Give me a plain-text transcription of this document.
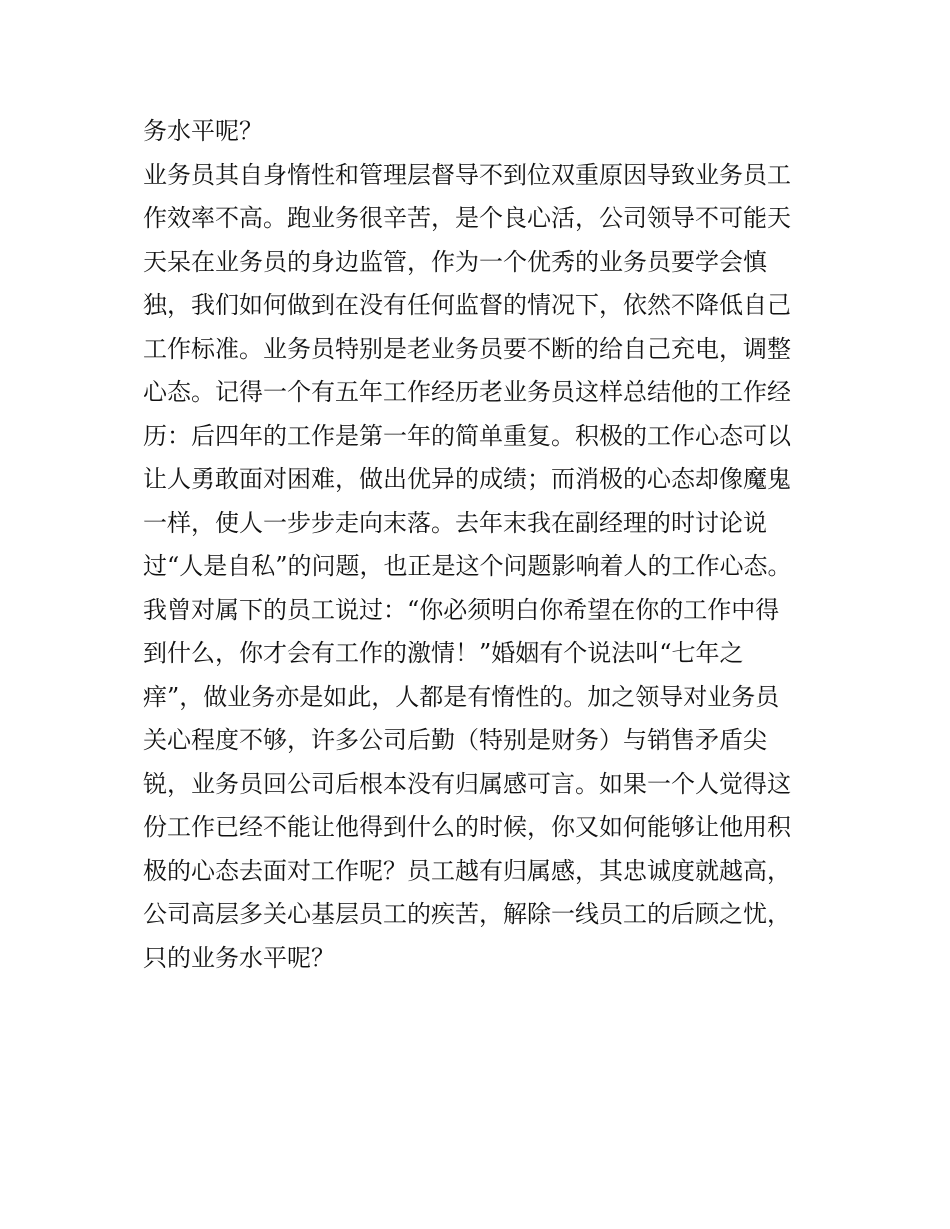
务水平呢？
业务员其自身惰性和管理层督导不到位双重原因导致业务员工
作效率不高。跑业务很辛苦，是个良心活，公司领导不可能天
天呆在业务员的身边监管，作为一个优秀的业务员要学会慎
独，我们如何做到在没有任何监督的情况下，依然不降低自己
工作标准。业务员特别是老业务员要不断的给自己充电，调整
心态。记得一个有五年工作经历老业务员这样总结他的工作经
历：后四年的工作是第一年的简单重复。积极的工作心态可以
让人勇敢面对困难，做出优异的成绩；而消极的心态却像魔鬼
一样，使人一步步走向末落。去年末我在副经理的时讨论说
过“人是自私”的问题，也正是这个问题影响着人的工作心态。
我曾对属下的员工说过：“你必须明白你希望在你的工作中得
到什么，你才会有工作的激情！”婚姻有个说法叫“七年之
痒”，做业务亦是如此，人都是有惰性的。加之领导对业务员
关心程度不够，许多公司后勤（特别是财务）与销售矛盾尖
锐，业务员回公司后根本没有归属感可言。如果一个人觉得这
份工作已经不能让他得到什么的时候，你又如何能够让他用积
极的心态去面对工作呢？员工越有归属感，其忠诚度就越高，
公司高层多关心基层员工的疾苦，解除一线员工的后顾之忧，
只的业务水平呢？
